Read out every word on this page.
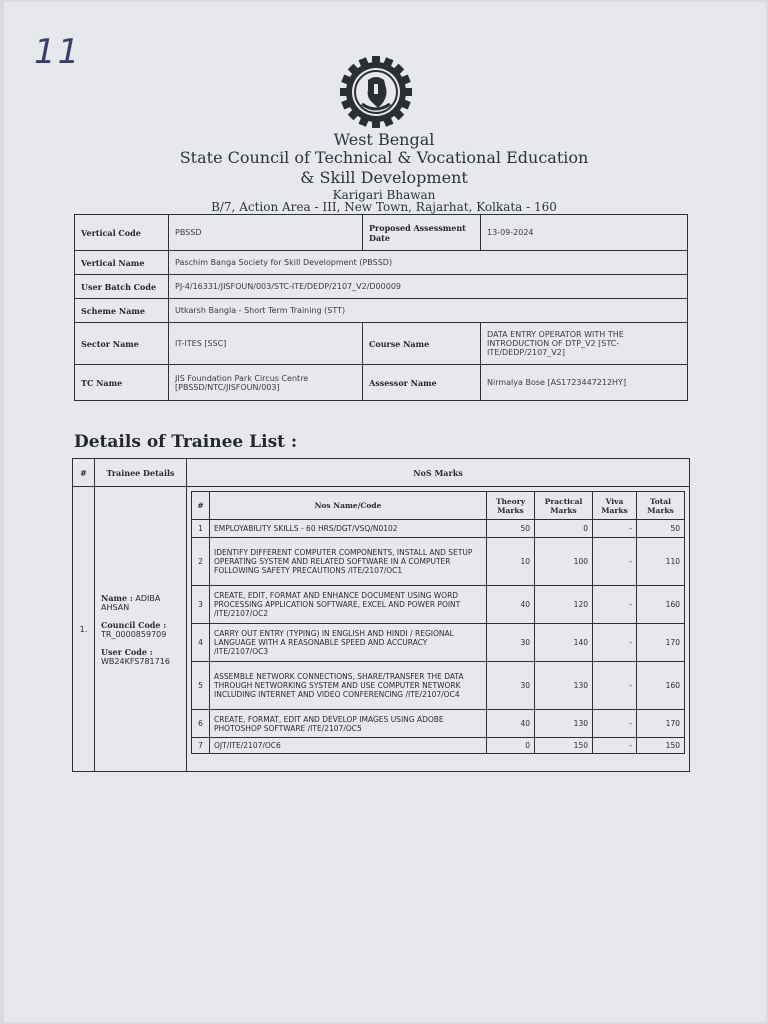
11
West Bengal
State Council of Technical & Vocational Education
& Skill Development
Karigari Bhawan
B/7, Action Area - III, New Town, Rajarhat, Kolkata - 160
Vertical Code	PBSSD	Proposed Assessment Date	13-09-2024
Vertical Name	Paschim Banga Society for Skill Development (PBSSD)		
User Batch Code	PJ-4/16331/JISFOUN/003/STC-ITE/DEDP/2107_V2/D00009		
Scheme Name	Utkarsh Bangla - Short Term Training (STT)		
Sector Name	IT-ITES [SSC]	Course Name	DATA ENTRY OPERATOR WITH THE INTRODUCTION OF DTP_V2 [STC-ITE/DEDP/2107_V2]
TC Name	JIS Foundation Park Circus Centre [PBSSD/NTC/JISFOUN/003]	Assessor Name	Nirmalya Bose [AS1723447212HY]
Details of Trainee List :
#	Trainee Details	NoS Marks
1.	
Name : ADIBA AHSAN
Council Code :
TR_0000859709
User Code :
WB24KFS781716

#	Nos Name/Code	Theory Marks	Practical Marks	Viva Marks	Total Marks
1	EMPLOYABILITY SKILLS - 60 HRS/DGT/VSQ/N0102	50	0	-	50
2	IDENTIFY DIFFERENT COMPUTER COMPONENTS, INSTALL AND SETUP OPERATING SYSTEM AND RELATED SOFTWARE IN A COMPUTER FOLLOWING SAFETY PRECAUTIONS /ITE/2107/OC1	10	100	-	110
3	CREATE, EDIT, FORMAT AND ENHANCE DOCUMENT USING WORD PROCESSING APPLICATION SOFTWARE, EXCEL AND POWER POINT /ITE/2107/OC2	40	120	-	160
4	CARRY OUT ENTRY (TYPING) IN ENGLISH AND HINDI / REGIONAL LANGUAGE WITH A REASONABLE SPEED AND ACCURACY /ITE/2107/OC3	30	140	-	170
5	ASSEMBLE NETWORK CONNECTIONS, SHARE/TRANSFER THE DATA THROUGH NETWORKING SYSTEM AND USE COMPUTER NETWORK INCLUDING INTERNET AND VIDEO CONFERENCING /ITE/2107/OC4	30	130	-	160
6	CREATE, FORMAT, EDIT AND DEVELOP IMAGES USING ADOBE PHOTOSHOP SOFTWARE /ITE/2107/OC5	40	130	-	170
7	OJT/ITE/2107/OC6	0	150	-	150
